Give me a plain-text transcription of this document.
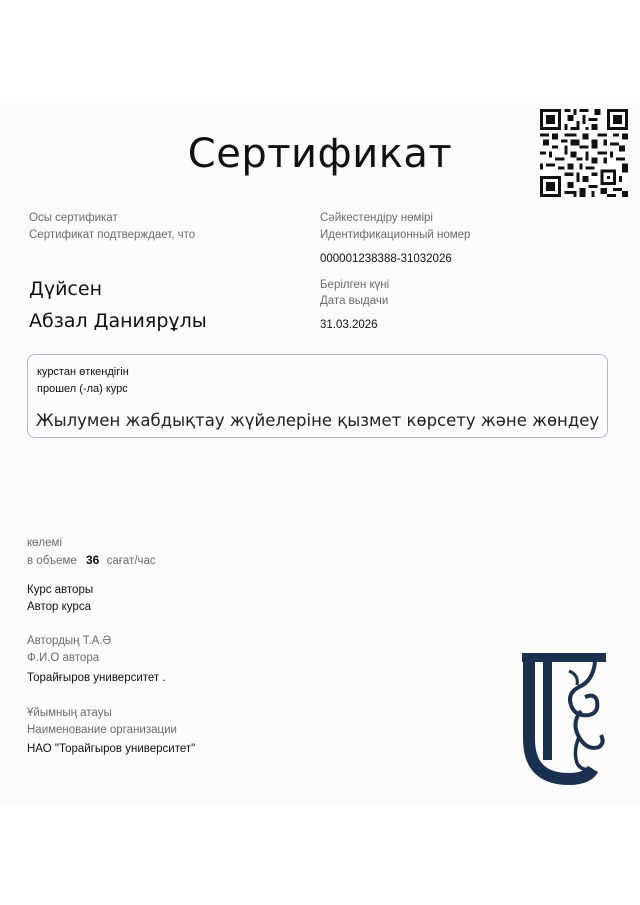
Сертификат
Осы сертификат
Сертификат подтверждает, что
Дүйсен
Абзал Даниярұлы
Сәйкестендіру нөмірі
Идентификационный номер
000001238388-31032026
Берілген күні
Дата выдачи
31.03.2026
курстан өткендігін
прошел (-ла) курс
Жылумен жабдықтау жүйелеріне қызмет көрсету және жөндеу
көлемі
в объеме 36 сағат/час
Курс авторы
Автор курса
Автордың Т.А.Ә
Ф.И.О автора
Торайғыров университет .
Ұйымның атауы
Наименование организации
НАО "Торайгыров университет"
